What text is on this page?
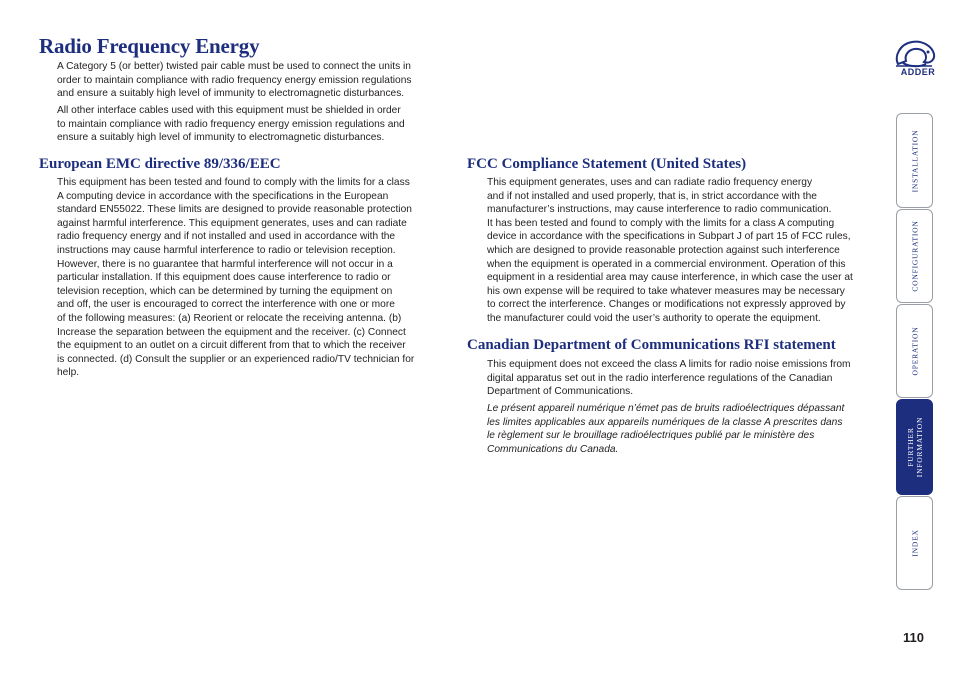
Radio Frequency Energy
ADDER

A Category 5 (or better) twisted pair cable must be used to connect the units in
order to maintain compliance with radio frequency energy emission regulations
and ensure a suitably high level of immunity to electromagnetic disturbances.

All other interface cables used with this equipment must be shielded in order
to maintain compliance with radio frequency energy emission regulations and
ensure a suitably high level of immunity to electromagnetic disturbances.

European EMC directive 89/336/EEC

This equipment has been tested and found to comply with the limits for a class
A computing device in accordance with the specifications in the European
standard EN55022. These limits are designed to provide reasonable protection
against harmful interference. This equipment generates, uses and can radiate
radio frequency energy and if not installed and used in accordance with the
instructions may cause harmful interference to radio or television reception.
However, there is no guarantee that harmful interference will not occur in a
particular installation. If this equipment does cause interference to radio or
television reception, which can be determined by turning the equipment on
and off, the user is encouraged to correct the interference with one or more
of the following measures: (a) Reorient or relocate the receiving antenna. (b)
Increase the separation between the equipment and the receiver. (c) Connect
the equipment to an outlet on a circuit different from that to which the receiver
is connected. (d) Consult the supplier or an experienced radio/TV technician for
help.

FCC Compliance Statement (United States)

This equipment generates, uses and can radiate radio frequency energy
and if not installed and used properly, that is, in strict accordance with the
manufacturer’s instructions, may cause interference to radio communication.
It has been tested and found to comply with the limits for a class A computing
device in accordance with the specifications in Subpart J of part 15 of FCC rules,
which are designed to provide reasonable protection against such interference
when the equipment is operated in a commercial environment. Operation of this
equipment in a residential area may cause interference, in which case the user at
his own expense will be required to take whatever measures may be necessary
to correct the interference. Changes or modifications not expressly approved by
the manufacturer could void the user’s authority to operate the equipment.

Canadian Department of Communications RFI statement

This equipment does not exceed the class A limits for radio noise emissions from
digital apparatus set out in the radio interference regulations of the Canadian
Department of Communications.

Le présent appareil numérique n’émet pas de bruits radioélectriques dépassant
les limites applicables aux appareils numériques de la classe A prescrites dans
le règlement sur le brouillage radioélectriques publié par le ministère des
Communications du Canada.

INSTALLATION
CONFIGURATION
OPERATION
FURTHER
INFORMATION
INDEX

110
